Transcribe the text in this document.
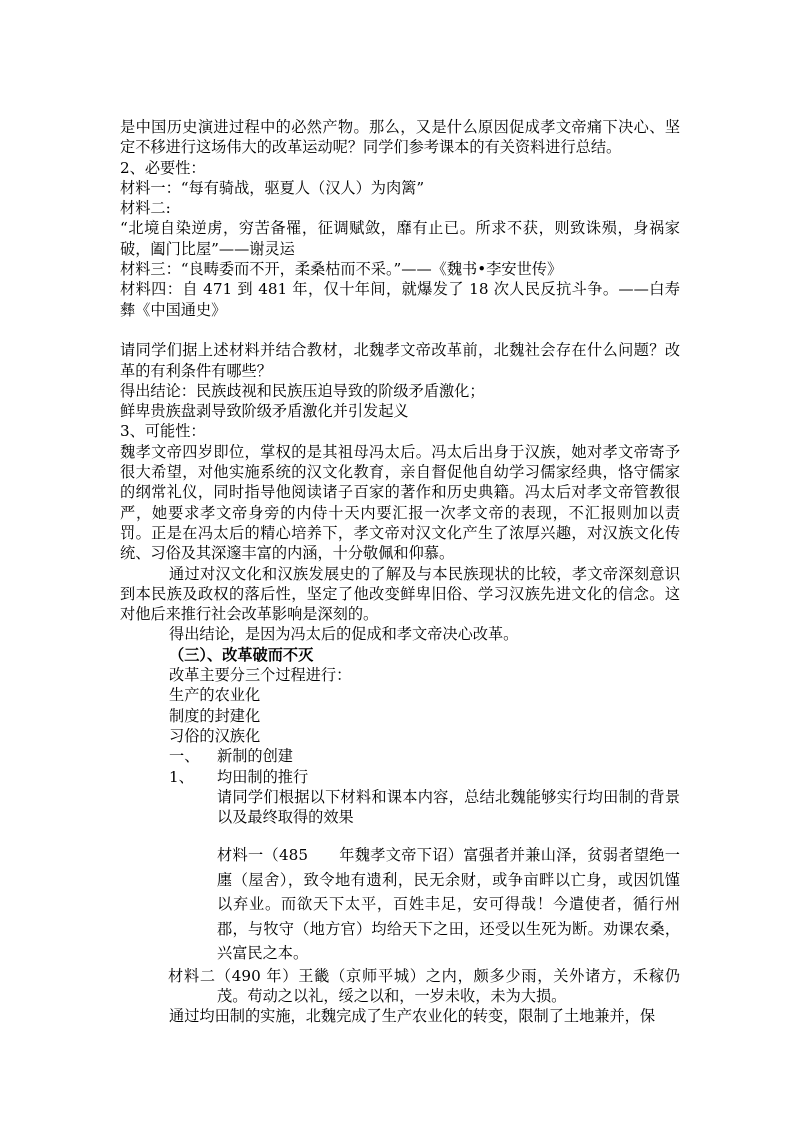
是中国历史演进过程中的必然产物。那么，又是什么原因促成孝文帝痛下决心、坚定不移进行这场伟大的改革运动呢？同学们参考课本的有关资料进行总结。

2、必要性：

材料一：“每有骑战，驱夏人（汉人）为肉篱”

材料二:

“北境自染逆虏，穷苦备罹，征调赋敛，靡有止已。所求不获，则致诛殒，身祸家破，阖门比屋”——谢灵运

材料三：“良畴委而不开，柔桑枯而不采。”——《魏书•李安世传》

材料四：自 471 到 481 年，仅十年间，就爆发了 18 次人民反抗斗争。——白寿彝《中国通史》

请同学们据上述材料并结合教材，北魏孝文帝改革前，北魏社会存在什么问题？改革的有利条件有哪些？

得出结论：民族歧视和民族压迫导致的阶级矛盾激化；

鲜卑贵族盘剥导致阶级矛盾激化并引发起义

3、可能性：

魏孝文帝四岁即位，掌权的是其祖母冯太后。冯太后出身于汉族，她对孝文帝寄予很大希望，对他实施系统的汉文化教育，亲自督促他自幼学习儒家经典，恪守儒家的纲常礼仪，同时指导他阅读诸子百家的著作和历史典籍。冯太后对孝文帝管教很严，她要求孝文帝身旁的内侍十天内要汇报一次孝文帝的表现，不汇报则加以责罚。正是在冯太后的精心培养下，孝文帝对汉文化产生了浓厚兴趣，对汉族文化传统、习俗及其深邃丰富的内涵，十分敬佩和仰慕。

通过对汉文化和汉族发展史的了解及与本民族现状的比较，孝文帝深刻意识到本民族及政权的落后性，坚定了他改变鲜卑旧俗、学习汉族先进文化的信念。这对他后来推行社会改革影响是深刻的。

得出结论，是因为冯太后的促成和孝文帝决心改革。

（三）、改革破而不灭

改革主要分三个过程进行：

生产的农业化

制度的封建化

习俗的汉族化

一、 新制的创建

1、 均田制的推行

请同学们根据以下材料和课本内容，总结北魏能够实行均田制的背景以及最终取得的效果

材料一（485　　年魏孝文帝下诏）富强者并兼山泽，贫弱者望绝一廛（屋舍），致令地有遗利，民无余财，或争亩畔以亡身，或因饥馑以弃业。而欲天下太平，百姓丰足，安可得哉！今遣使者，循行州郡，与牧守（地方官）均给天下之田，还受以生死为断。劝课农桑，兴富民之本。

材料二（490 年）王畿（京师平城）之内，颇多少雨，关外诸方，禾稼仍茂。苟动之以礼，绥之以和，一岁未收，未为大损。

通过均田制的实施，北魏完成了生产农业化的转变，限制了土地兼并，保
